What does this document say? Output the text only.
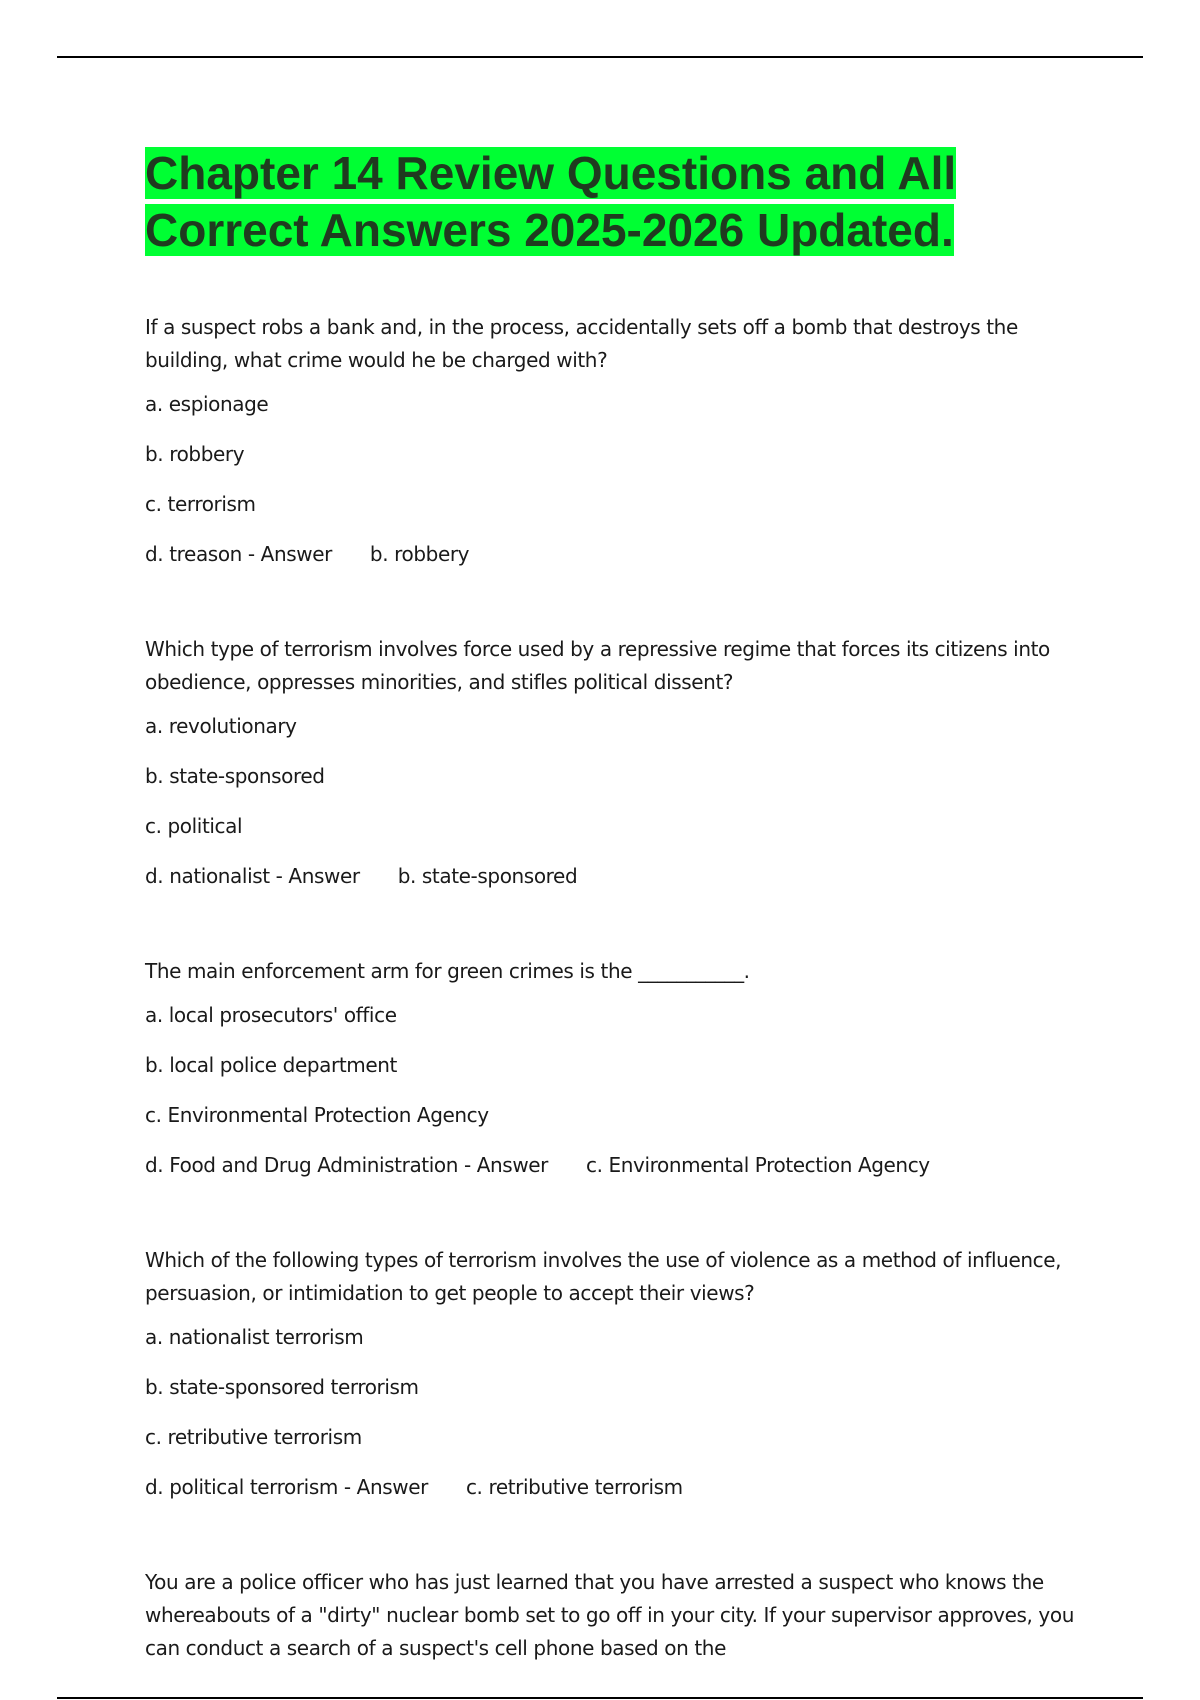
Chapter 14 Review Questions and All Correct Answers 2025-2026 Updated.

If a suspect robs a bank and, in the process, accidentally sets off a bomb that destroys the building, what crime would he be charged with?

a. espionage

b. robbery

c. terrorism

d. treason - Answer b. robbery

Which type of terrorism involves force used by a repressive regime that forces its citizens into obedience, oppresses minorities, and stifles political dissent?

a. revolutionary

b. state-sponsored

c. political

d. nationalist - Answer b. state-sponsored

The main enforcement arm for green crimes is the ___________.

a. local prosecutors' office

b. local police department

c. Environmental Protection Agency

d. Food and Drug Administration - Answer c. Environmental Protection Agency

Which of the following types of terrorism involves the use of violence as a method of influence, persuasion, or intimidation to get people to accept their views?

a. nationalist terrorism

b. state-sponsored terrorism

c. retributive terrorism

d. political terrorism - Answer c. retributive terrorism

You are a police officer who has just learned that you have arrested a suspect who knows the whereabouts of a "dirty" nuclear bomb set to go off in your city. If your supervisor approves, you can conduct a search of a suspect's cell phone based on the
